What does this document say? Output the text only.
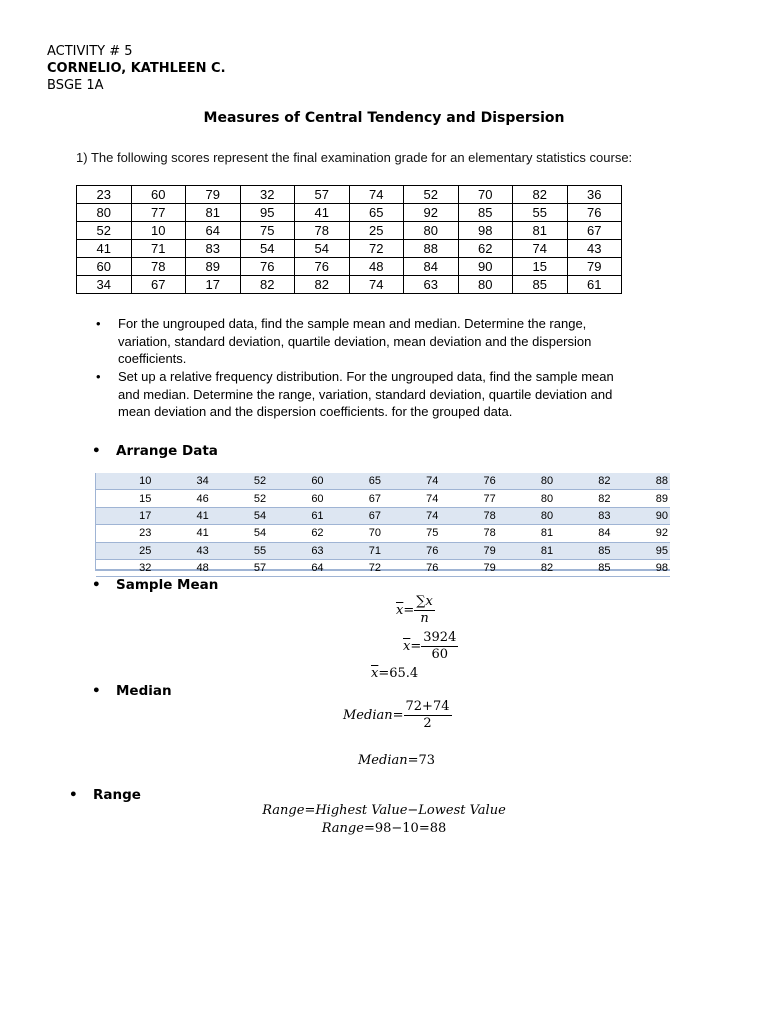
ACTIVITY # 5
CORNELIO, KATHLEEN C.
BSGE 1A
Measures of Central Tendency and Dispersion
1) The following scores represent the final examination grade for an elementary statistics course:
23	60	79	32	57	74	52	70	82	36
80	77	81	95	41	65	92	85	55	76
52	10	64	75	78	25	80	98	81	67
41	71	83	54	54	72	88	62	74	43
60	78	89	76	76	48	84	90	15	79
34	67	17	82	82	74	63	80	85	61
• For the ungrouped data, find the sample mean and median. Determine the range, variation, standard deviation, quartile deviation, mean deviation and the dispersion coefficients.
• Set up a relative frequency distribution. For the ungrouped data, find the sample mean and median. Determine the range, variation, standard deviation, quartile deviation and mean deviation and the dispersion coefficients. for the grouped data.
• Arrange Data
10	34	52	60	65	74	76	80	82	88
15	46	52	60	67	74	77	80	82	89
17	41	54	61	67	74	78	80	83	90
23	41	54	62	70	75	78	81	84	92
25	43	55	63	71	76	79	81	85	95
32	48	57	64	72	76	79	82	85	98
• Sample Mean
$\overline{x}= \frac{\sum x}{n}$
$\overline{x}= \frac{3924}{60}$
$\overline{x}=65.4$
• Median
Median= $\frac{72+74}{2}$
Median=73
• Range
Range=Highest Value−Lowest Value
Range=98−10=88
